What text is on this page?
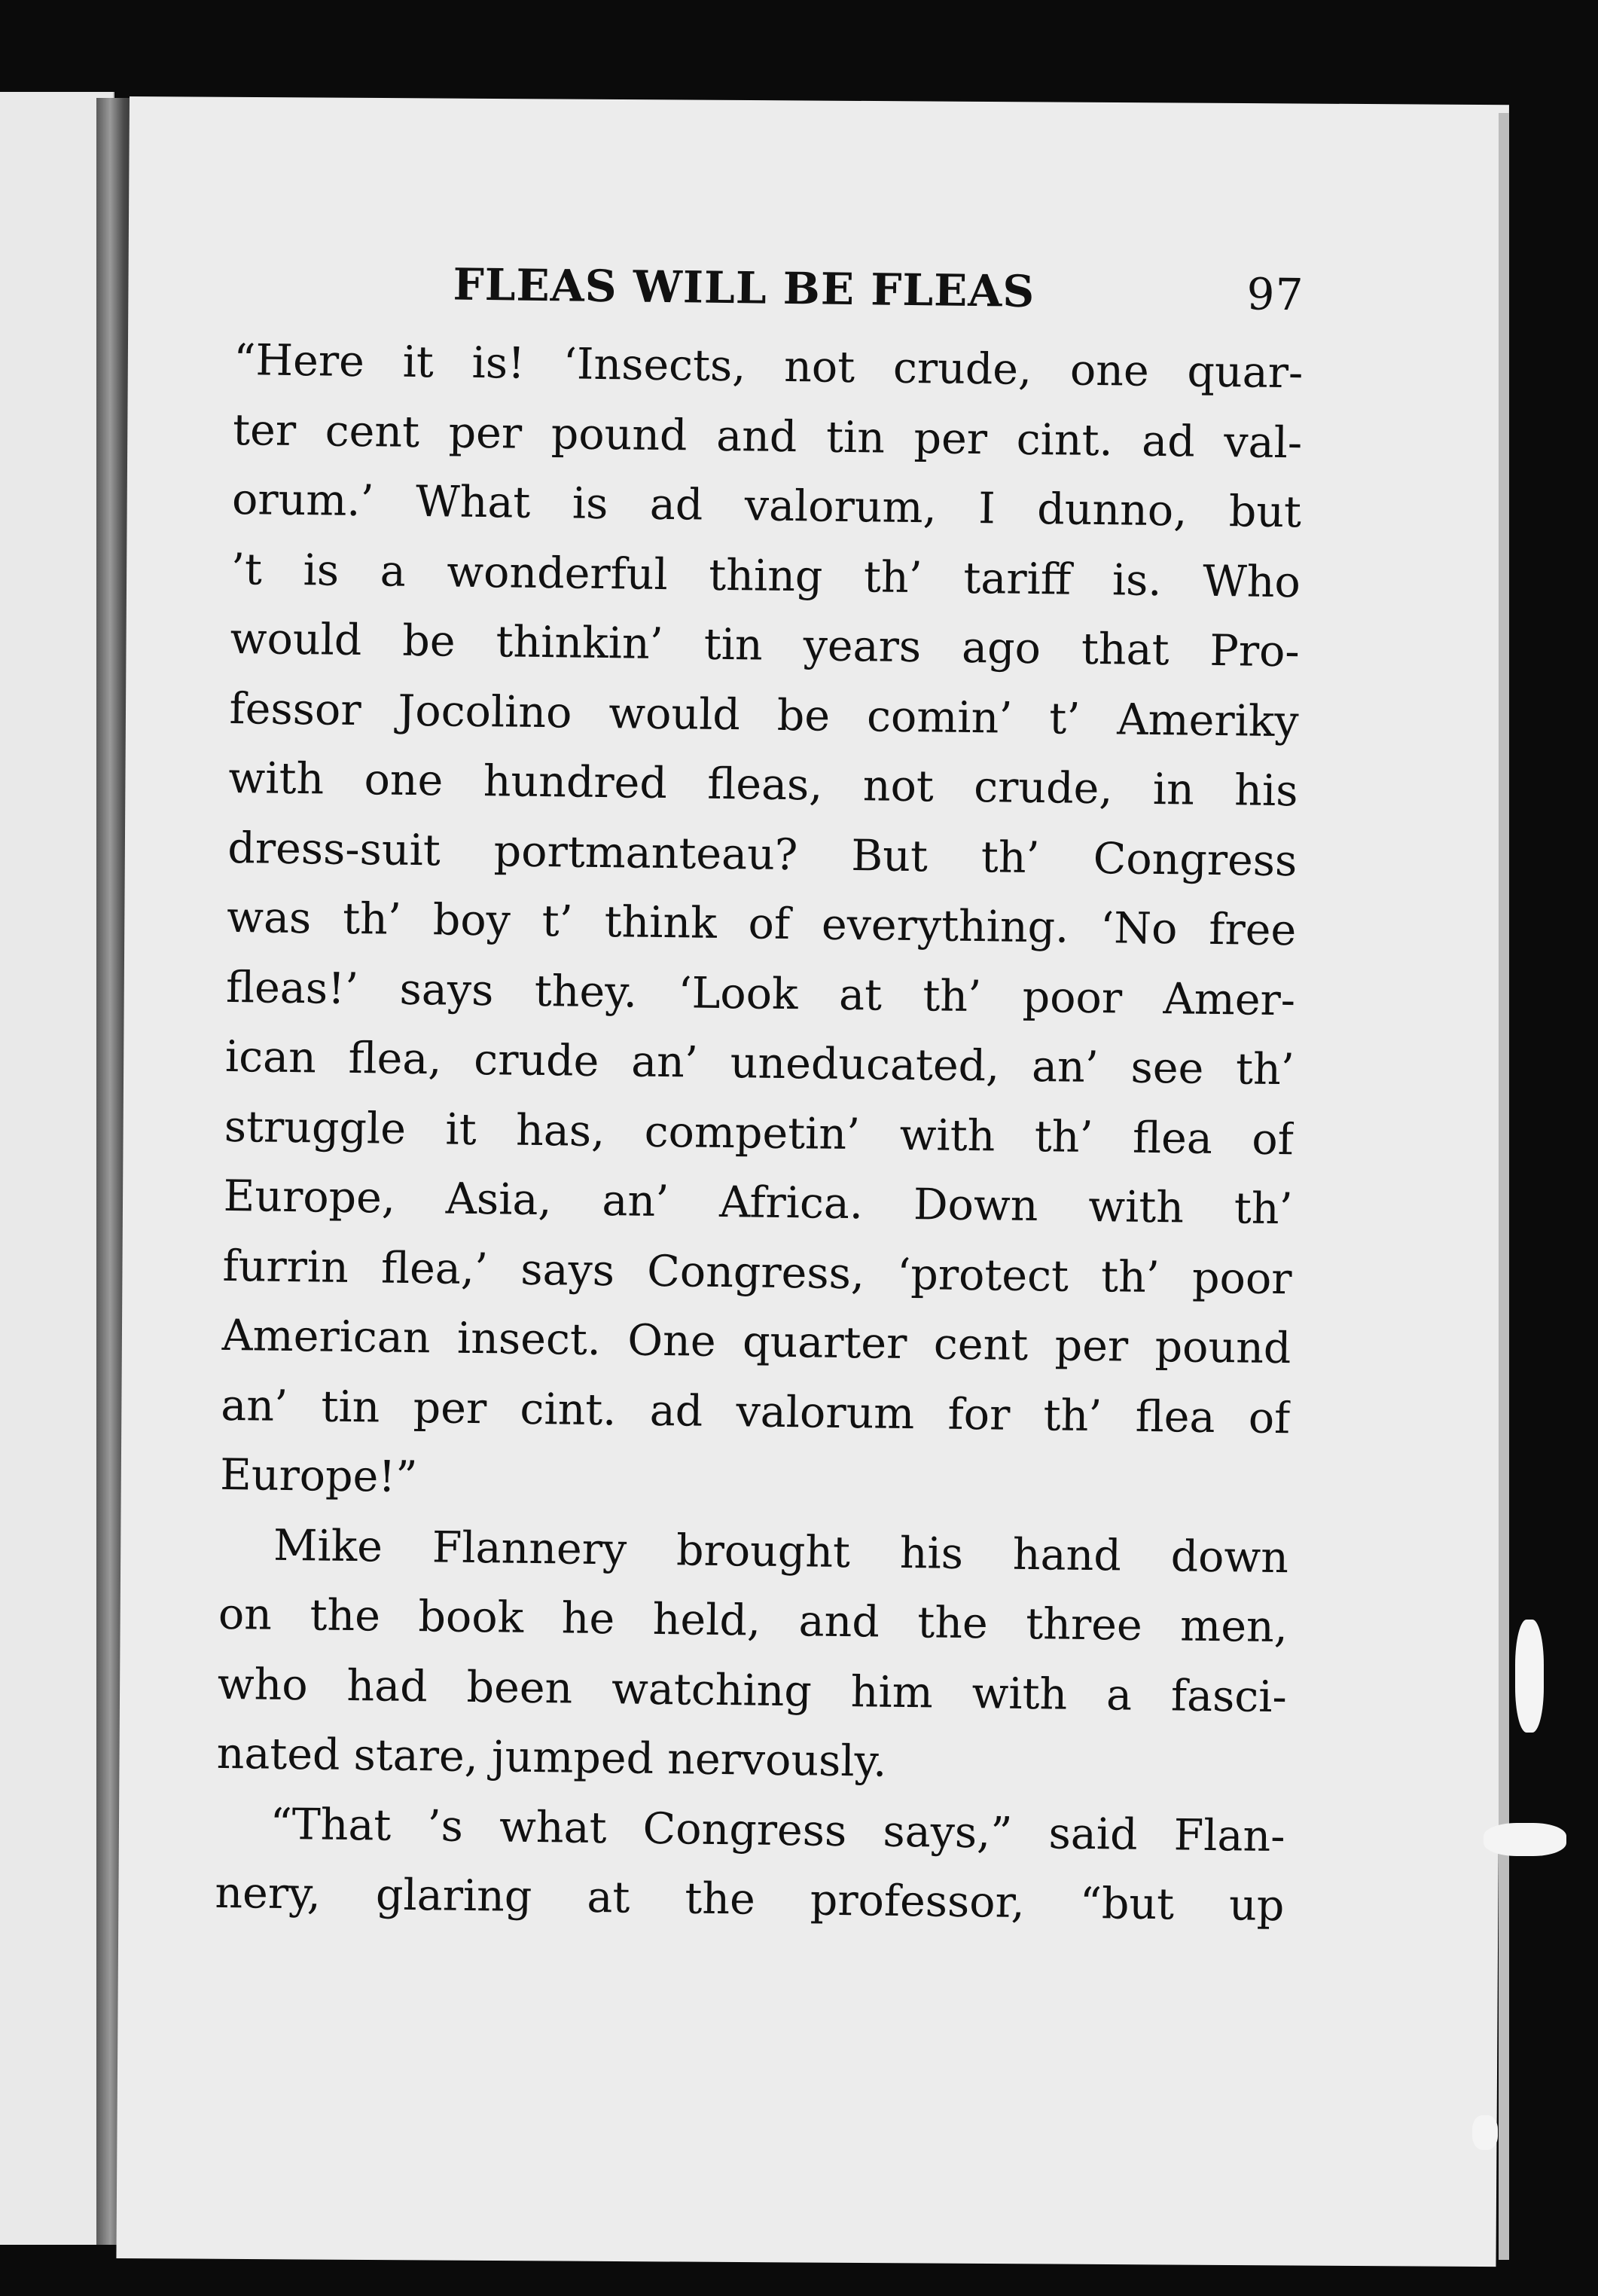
FLEAS WILL BE FLEAS	97
“Here it is! ‘Insects, not crude, one quar-
ter cent per pound and tin per cint. ad val-
orum.’ What is ad valorum, I dunno, but
’t is a wonderful thing th’ tariff is. Who
would be thinkin’ tin years ago that Pro-
fessor Jocolino would be comin’ t’ Ameriky
with one hundred fleas, not crude, in his
dress-suit portmanteau? But th’ Congress
was th’ boy t’ think of everything. ‘No free
fleas!’ says they. ‘Look at th’ poor Amer-
ican flea, crude an’ uneducated, an’ see th’
struggle it has, competin’ with th’ flea of
Europe, Asia, an’ Africa. Down with th’
furrin flea,’ says Congress, ‘protect th’ poor
American insect. One quarter cent per pound
an’ tin per cint. ad valorum for th’ flea of
Europe!”
Mike Flannery brought his hand down
on the book he held, and the three men,
who had been watching him with a fasci-
nated stare, jumped nervously.
“That ’s what Congress says,” said Flan-
nery, glaring at the professor, “but up
